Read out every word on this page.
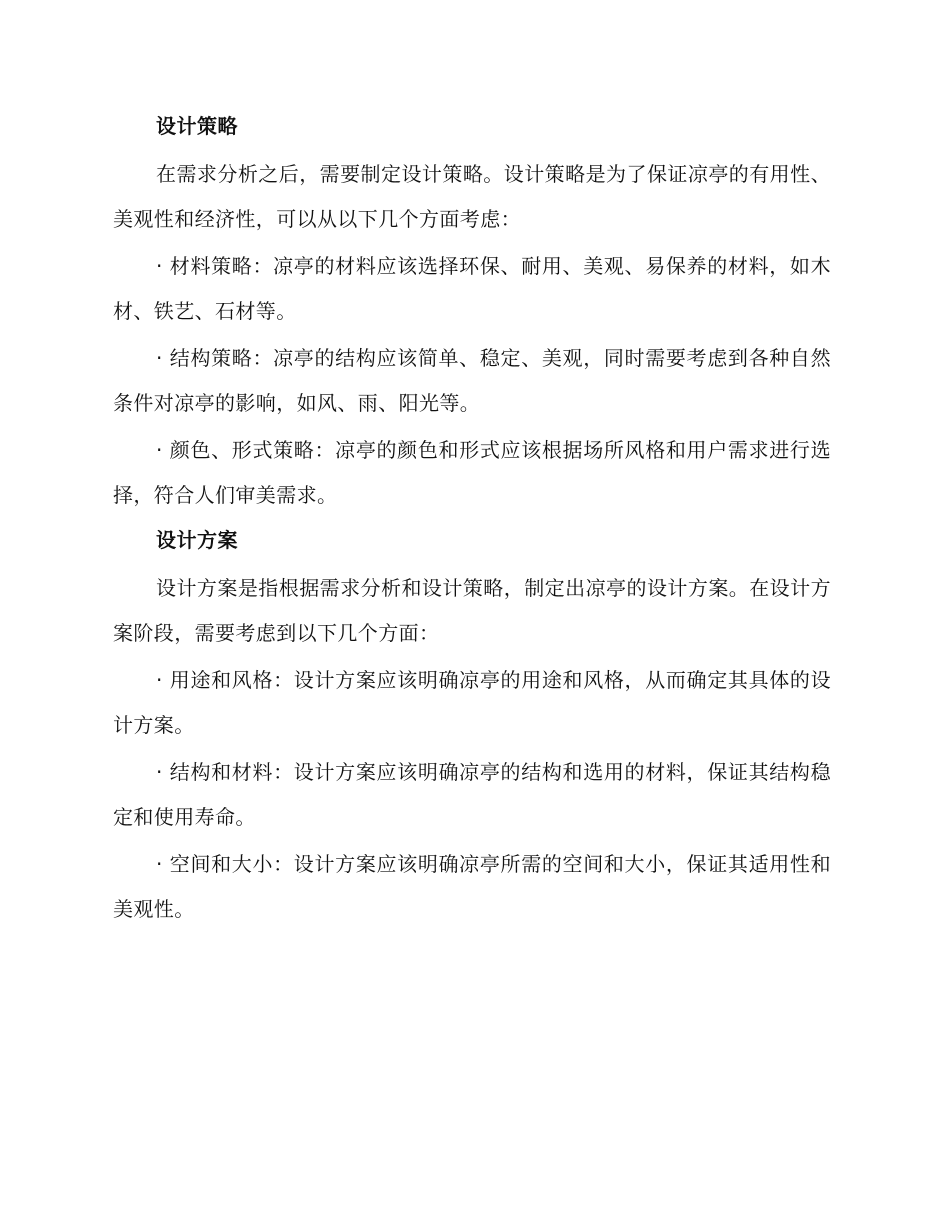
设计策略

在需求分析之后，需要制定设计策略。设计策略是为了保证凉亭的有用性、美观性和经济性，可以从以下几个方面考虑：

· 材料策略：凉亭的材料应该选择环保、耐用、美观、易保养的材料，如木材、铁艺、石材等。

· 结构策略：凉亭的结构应该简单、稳定、美观，同时需要考虑到各种自然条件对凉亭的影响，如风、雨、阳光等。

· 颜色、形式策略：凉亭的颜色和形式应该根据场所风格和用户需求进行选择，符合人们审美需求。

设计方案

设计方案是指根据需求分析和设计策略，制定出凉亭的设计方案。在设计方案阶段，需要考虑到以下几个方面：

· 用途和风格：设计方案应该明确凉亭的用途和风格，从而确定其具体的设计方案。

· 结构和材料：设计方案应该明确凉亭的结构和选用的材料，保证其结构稳定和使用寿命。

· 空间和大小：设计方案应该明确凉亭所需的空间和大小，保证其适用性和美观性。
